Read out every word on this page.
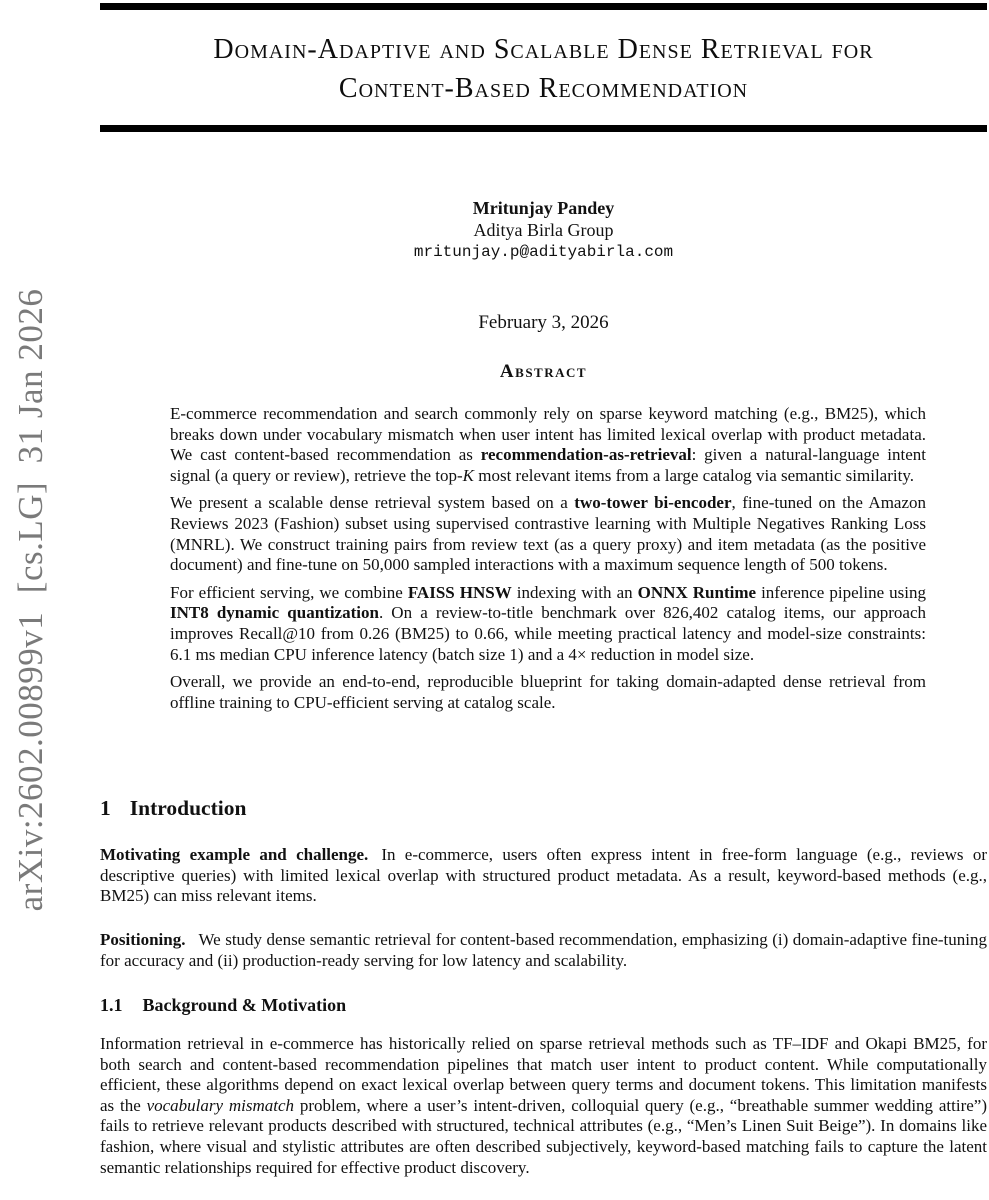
arXiv:2602.00899v1  [cs.LG]  31 Jan 2026
Domain-Adaptive and Scalable Dense Retrieval for
Content-Based Recommendation
Mritunjay Pandey
Aditya Birla Group
mritunjay.p@adityabirla.com
February 3, 2026
Abstract

E-commerce recommendation and search commonly rely on sparse keyword matching (e.g., BM25), which breaks down under vocabulary mismatch when user intent has limited lexical overlap with product metadata. We cast content-based recommendation as recommendation-as-retrieval: given a natural-language intent signal (a query or review), retrieve the top-K most relevant items from a large catalog via semantic similarity.

We present a scalable dense retrieval system based on a two-tower bi-encoder, fine-tuned on the Amazon Reviews 2023 (Fashion) subset using supervised contrastive learning with Multiple Negatives Ranking Loss (MNRL). We construct training pairs from review text (as a query proxy) and item metadata (as the positive document) and fine-tune on 50,000 sampled interactions with a maximum sequence length of 500 tokens.

For efficient serving, we combine FAISS HNSW indexing with an ONNX Runtime inference pipeline using INT8 dynamic quantization. On a review-to-title benchmark over 826,402 catalog items, our approach improves Recall@10 from 0.26 (BM25) to 0.66, while meeting practical latency and model-size constraints: 6.1 ms median CPU inference latency (batch size 1) and a 4× reduction in model size.

Overall, we provide an end-to-end, reproducible blueprint for taking domain-adapted dense retrieval from offline training to CPU-efficient serving at catalog scale.

1 Introduction

Motivating example and challenge. In e-commerce, users often express intent in free-form language (e.g., reviews or descriptive queries) with limited lexical overlap with structured product metadata. As a result, keyword-based methods (e.g., BM25) can miss relevant items.

Positioning. We study dense semantic retrieval for content-based recommendation, emphasizing (i) domain-adaptive fine-tuning for accuracy and (ii) production-ready serving for low latency and scalability.

1.1 Background & Motivation

Information retrieval in e-commerce has historically relied on sparse retrieval methods such as TF–IDF and Okapi BM25, for both search and content-based recommendation pipelines that match user intent to product content. While computationally efficient, these algorithms depend on exact lexical overlap between query terms and document tokens. This limitation manifests as the vocabulary mismatch problem, where a user’s intent-driven, colloquial query (e.g., “breathable summer wedding attire”) fails to retrieve relevant products described with structured, technical attributes (e.g., “Men’s Linen Suit Beige”). In domains like fashion, where visual and stylistic attributes are often described subjectively, keyword-based matching fails to capture the latent semantic relationships required for effective product discovery.
